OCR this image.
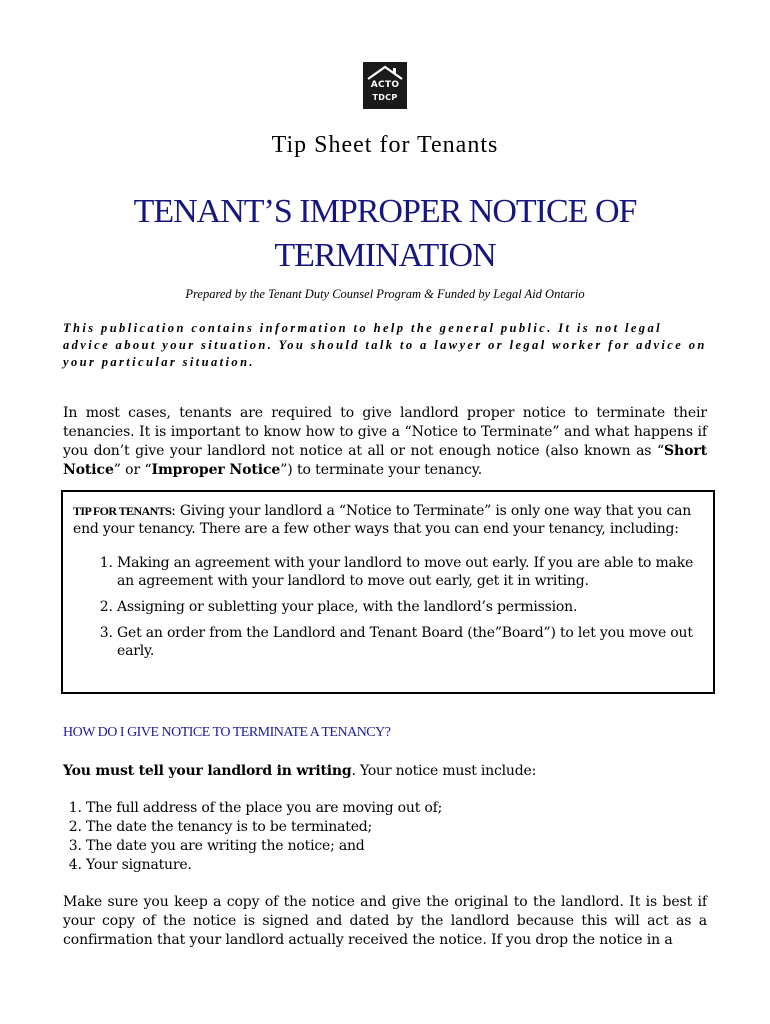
ACTO
TDCP
Tip Sheet for Tenants
TENANT’S IMPROPER NOTICE OF
TERMINATION
Prepared by the Tenant Duty Counsel Program & Funded by Legal Aid Ontario
This publication contains information to help the general public. It is not legal advice about your situation. You should talk to a lawyer or legal worker for advice on your particular situation.
In most cases, tenants are required to give landlord proper notice to terminate their tenancies. It is important to know how to give a “Notice to Terminate” and what happens if you don’t give your landlord not notice at all or not enough notice (also known as “Short Notice” or “Improper Notice”) to terminate your tenancy.

TIP FOR TENANTS: Giving your landlord a “Notice to Terminate” is only one way that you can end your tenancy. There are a few other ways that you can end your tenancy, including:

1. Making an agreement with your landlord to move out early. If you are able to make an agreement with your landlord to move out early, get it in writing.
2. Assigning or subletting your place, with the landlord’s permission.
3. Get an order from the Landlord and Tenant Board (the”Board”) to let you move out early.
HOW DO I GIVE NOTICE TO TERMINATE A TENANCY?
You must tell your landlord in writing. Your notice must include:
1. The full address of the place you are moving out of;
2. The date the tenancy is to be terminated;
3. The date you are writing the notice; and
4. Your signature.
Make sure you keep a copy of the notice and give the original to the landlord. It is best if your copy of the notice is signed and dated by the landlord because this will act as a confirmation that your landlord actually received the notice. If you drop the notice in a
